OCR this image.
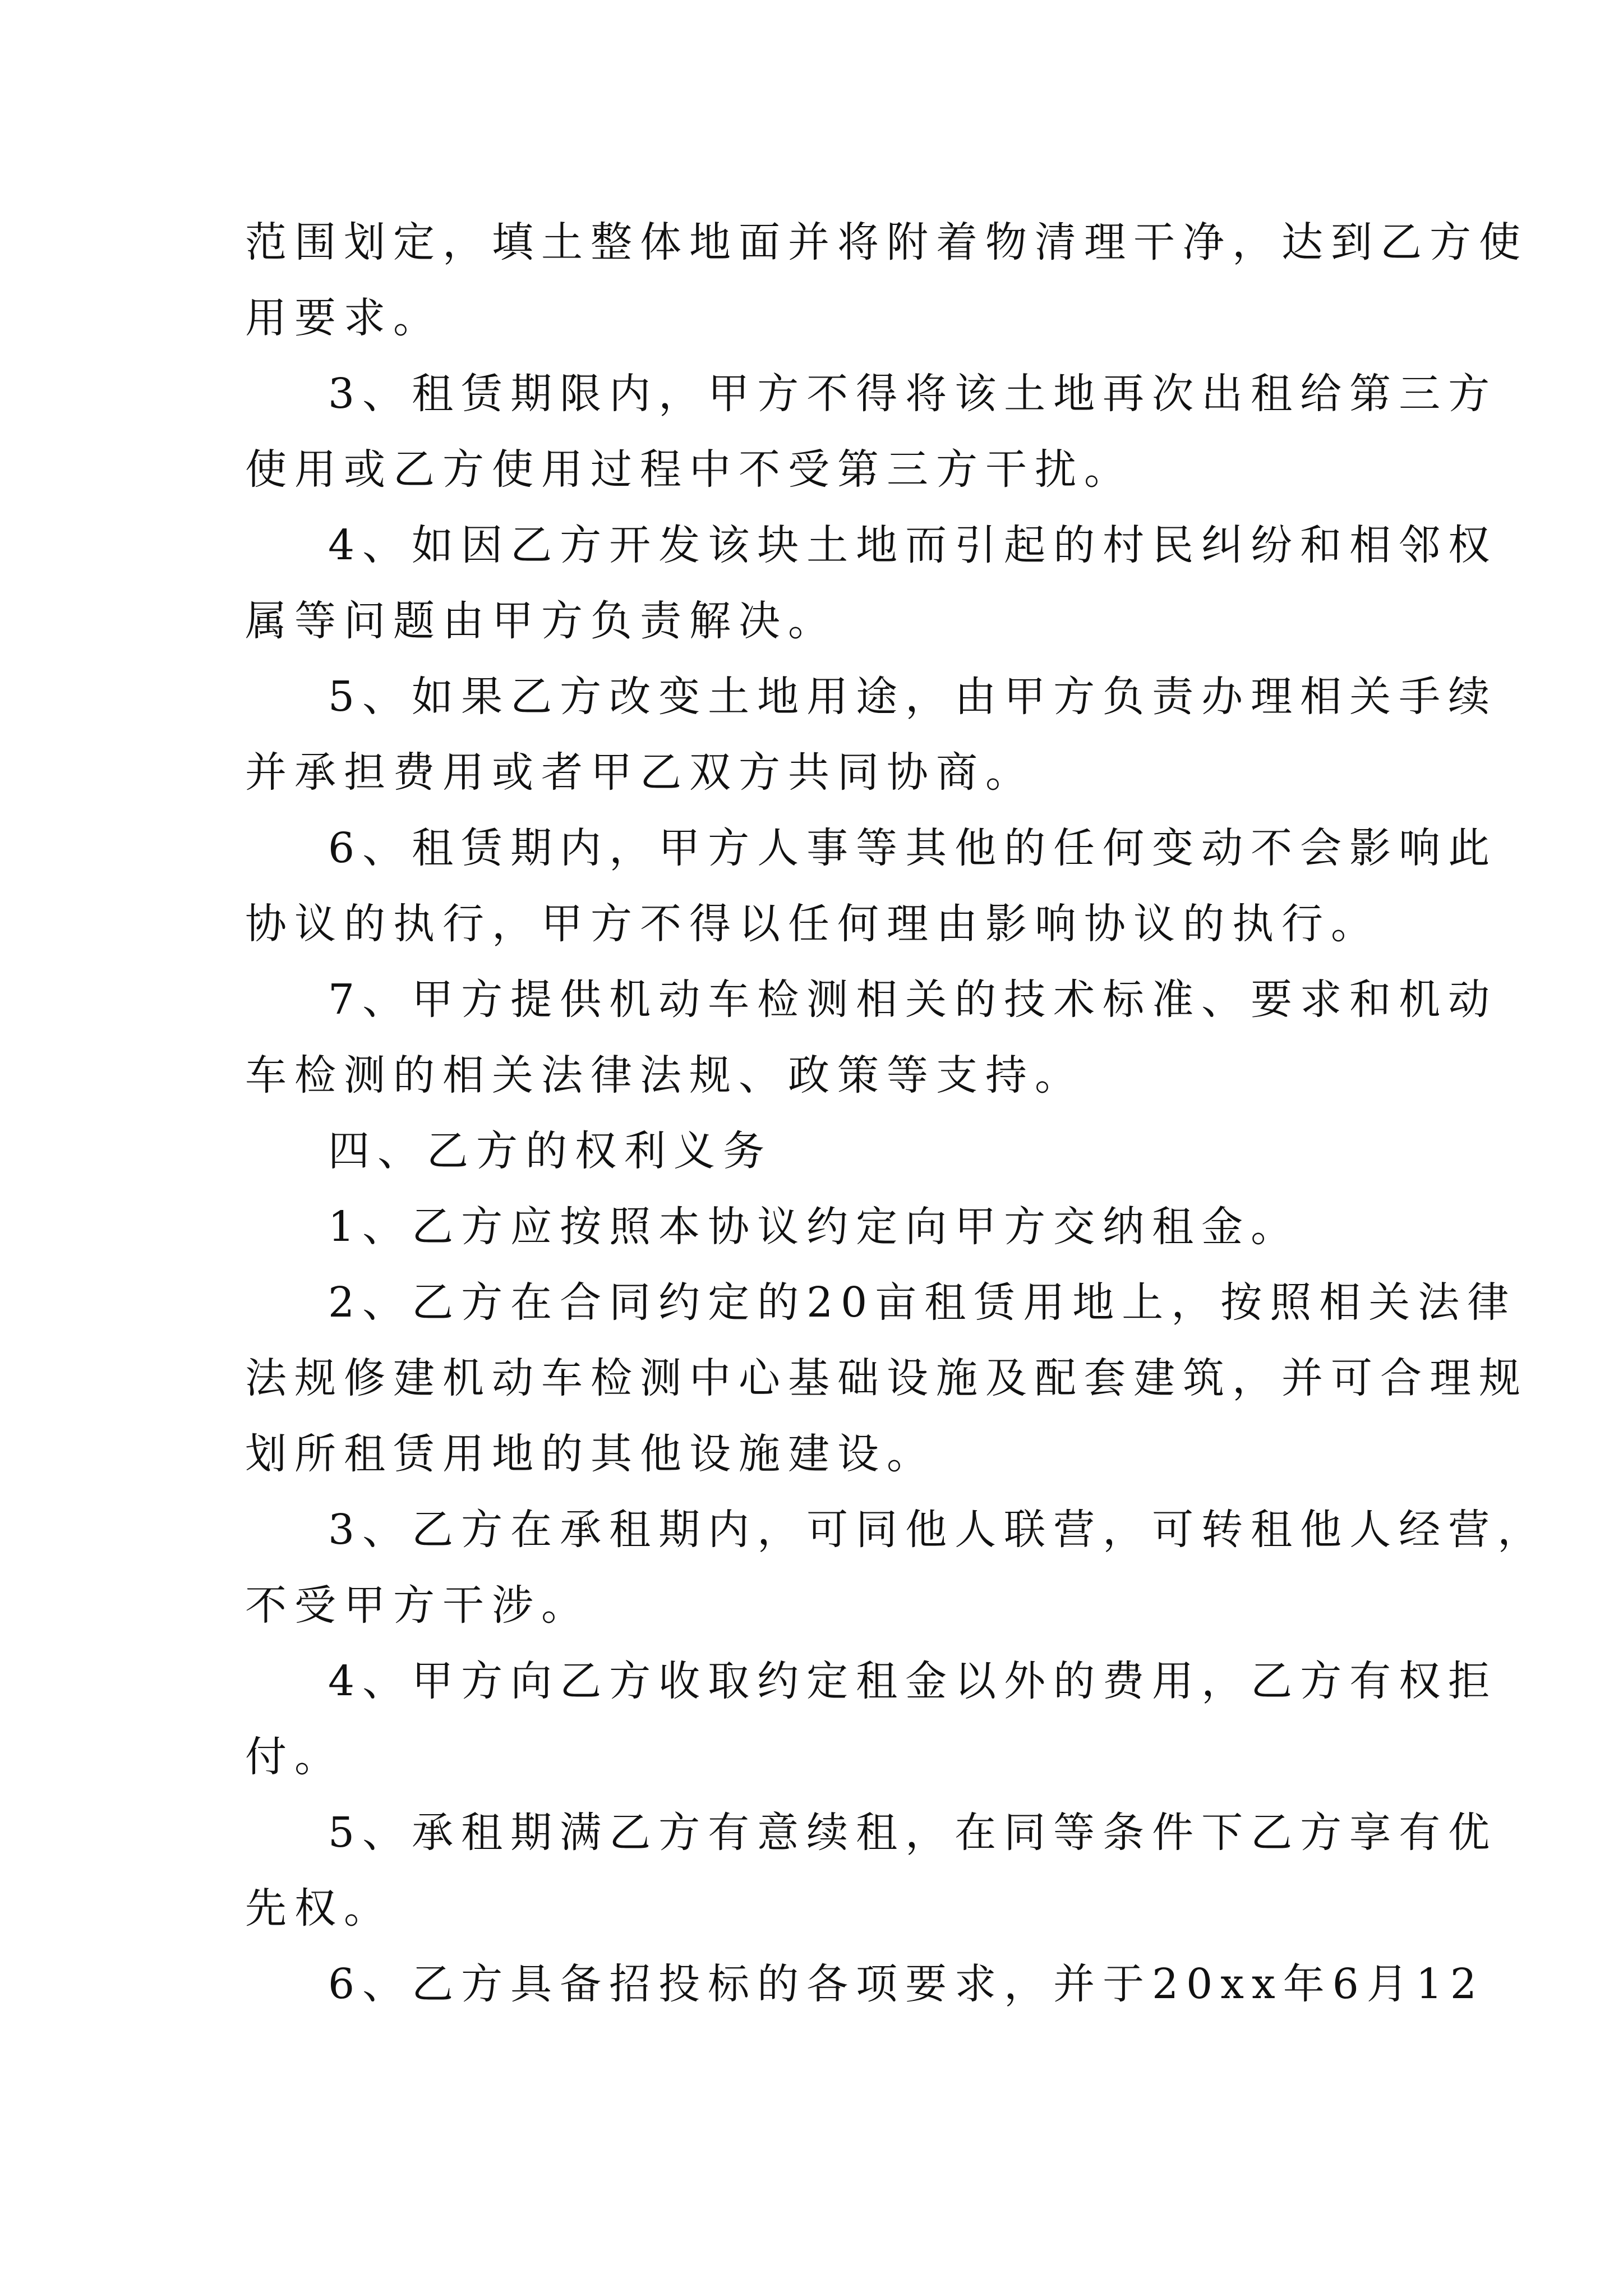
范围划定，填土整体地面并将附着物清理干净，达到乙方使
用要求。
3、租赁期限内，甲方不得将该土地再次出租给第三方
使用或乙方使用过程中不受第三方干扰。
4、如因乙方开发该块土地而引起的村民纠纷和相邻权
属等问题由甲方负责解决。
5、如果乙方改变土地用途，由甲方负责办理相关手续
并承担费用或者甲乙双方共同协商。
6、租赁期内，甲方人事等其他的任何变动不会影响此
协议的执行，甲方不得以任何理由影响协议的执行。
7、甲方提供机动车检测相关的技术标准、要求和机动
车检测的相关法律法规、政策等支持。
四、乙方的权利义务
1、乙方应按照本协议约定向甲方交纳租金。
2、乙方在合同约定的20亩租赁用地上，按照相关法律
法规修建机动车检测中心基础设施及配套建筑，并可合理规
划所租赁用地的其他设施建设。
3、乙方在承租期内，可同他人联营，可转租他人经营，
不受甲方干涉。
4、甲方向乙方收取约定租金以外的费用，乙方有权拒
付。
5、承租期满乙方有意续租，在同等条件下乙方享有优
先权。
6、乙方具备招投标的各项要求，并于20xx年6月12
